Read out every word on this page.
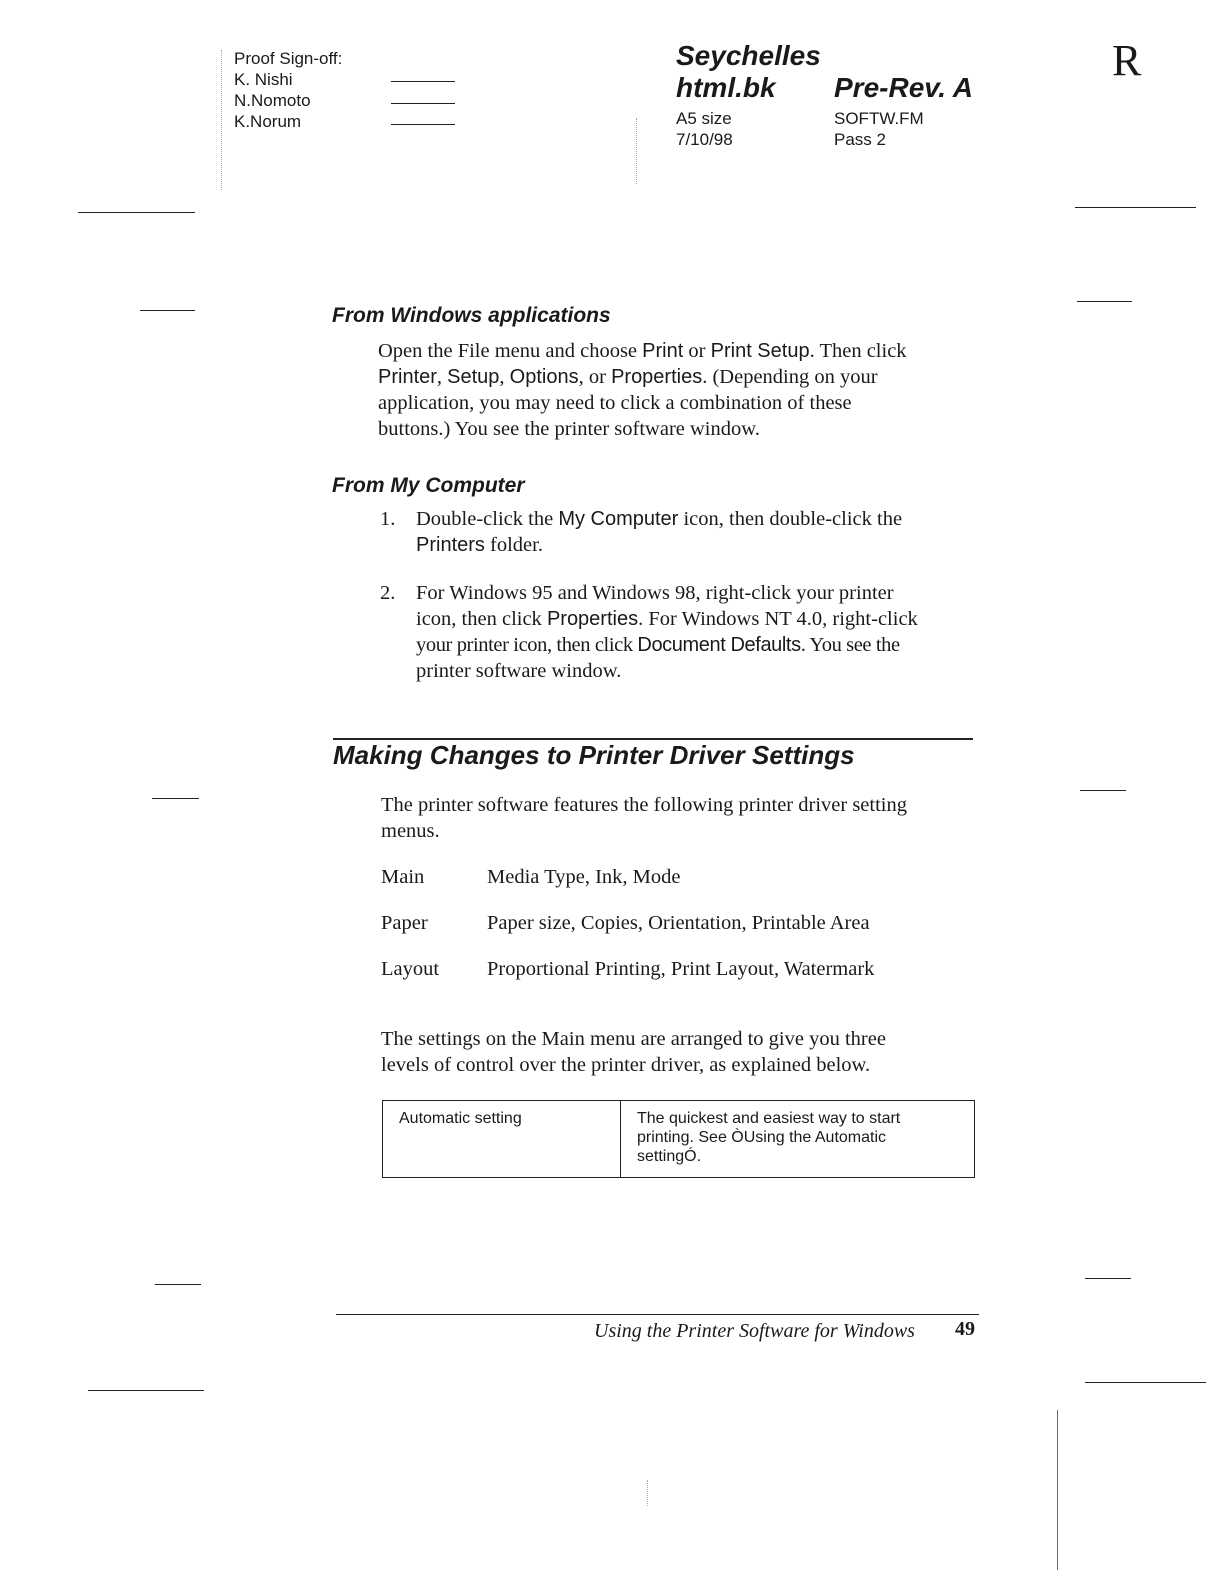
Proof Sign-off:
K. Nishi
N.Nomoto
K.Norum
Seychelles
html.bk Pre-Rev. A
A5 size	SOFTW.FM
7/10/98	Pass 2
R
From Windows applications
Open the File menu and choose Print or Print Setup. Then click
Printer, Setup, Options, or Properties. (Depending on your
application, you may need to click a combination of these
buttons.) You see the printer software window.
From My Computer
1. Double-click the My Computer icon, then double-click the
Printers folder.
2. For Windows 95 and Windows 98, right-click your printer
icon, then click Properties. For Windows NT 4.0, right-click
your printer icon, then click Document Defaults. You see the
printer software window.
Making Changes to Printer Driver Settings
The printer software features the following printer driver setting
menus.
Main	Media Type, Ink, Mode
Paper	Paper size, Copies, Orientation, Printable Area
Layout	Proportional Printing, Print Layout, Watermark
The settings on the Main menu are arranged to give you three
levels of control over the printer driver, as explained below.
Automatic setting	The quickest and easiest way to start
printing. See ÒUsing the Automatic
settingÓ.
Using the Printer Software for Windows 49
